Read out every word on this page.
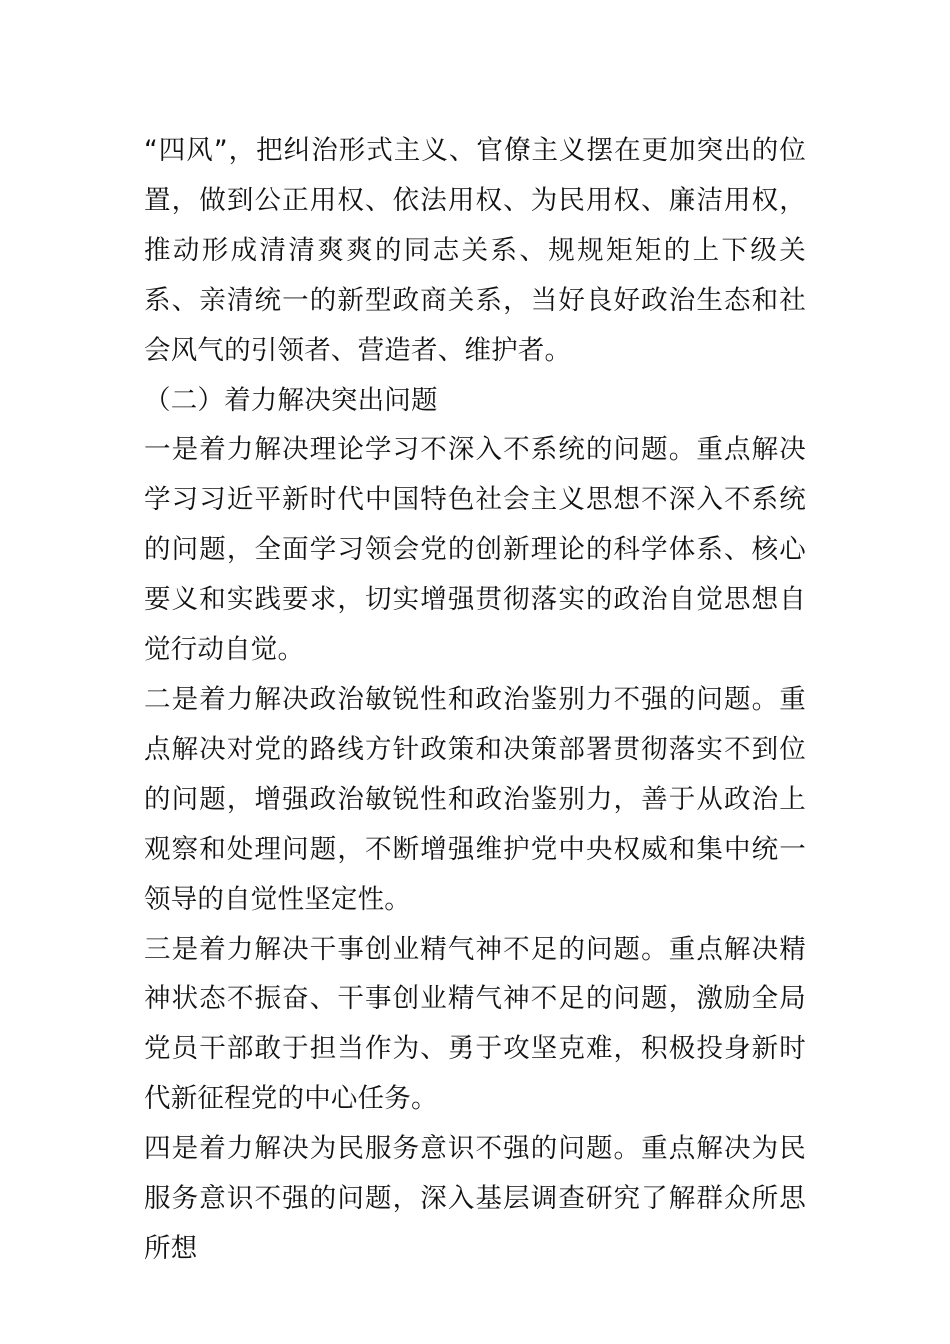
“四风”，把纠治形式主义、官僚主义摆在更加突出的位置，做到公正用权、依法用权、为民用权、廉洁用权，推动形成清清爽爽的同志关系、规规矩矩的上下级关系、亲清统一的新型政商关系，当好良好政治生态和社会风气的引领者、营造者、维护者。

（二）着力解决突出问题

一是着力解决理论学习不深入不系统的问题。重点解决学习习近平新时代中国特色社会主义思想不深入不系统的问题，全面学习领会党的创新理论的科学体系、核心要义和实践要求，切实增强贯彻落实的政治自觉思想自觉行动自觉。

二是着力解决政治敏锐性和政治鉴别力不强的问题。重点解决对党的路线方针政策和决策部署贯彻落实不到位的问题，增强政治敏锐性和政治鉴别力，善于从政治上观察和处理问题，不断增强维护党中央权威和集中统一领导的自觉性坚定性。

三是着力解决干事创业精气神不足的问题。重点解决精神状态不振奋、干事创业精气神不足的问题，激励全局党员干部敢于担当作为、勇于攻坚克难，积极投身新时代新征程党的中心任务。

四是着力解决为民服务意识不强的问题。重点解决为民服务意识不强的问题，深入基层调查研究了解群众所思所想
